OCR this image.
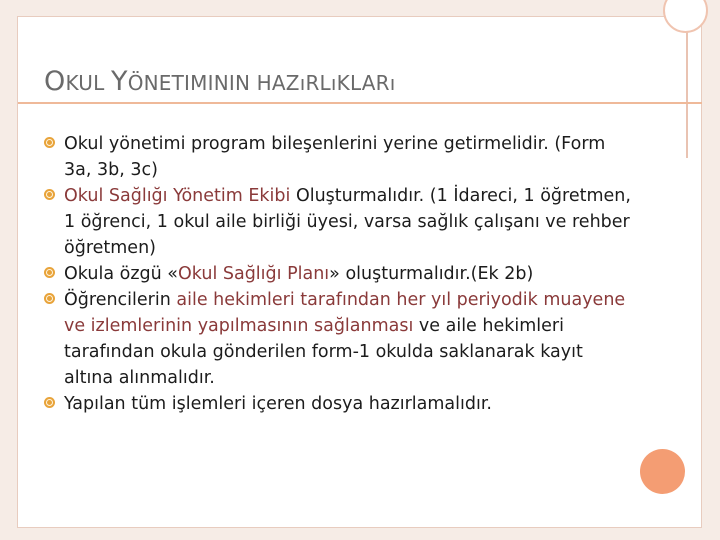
OKUL YÖNETIMININ HAZıRLıKLARı
Okul yönetimi program bileşenlerini yerine getirmelidir. (Form 3a, 3b, 3c)
Okul Sağlığı Yönetim Ekibi Oluşturmalıdır. (1 İdareci, 1 öğretmen, 1 öğrenci, 1 okul aile birliği üyesi, varsa sağlık çalışanı ve rehber öğretmen)
Okula özgü «Okul Sağlığı Planı» oluşturmalıdır.(Ek 2b)
Öğrencilerin aile hekimleri tarafından her yıl periyodik muayene ve izlemlerinin yapılmasının sağlanması ve aile hekimleri tarafından okula gönderilen form-1 okulda saklanarak kayıt altına alınmalıdır.
Yapılan tüm işlemleri içeren dosya hazırlamalıdır.
